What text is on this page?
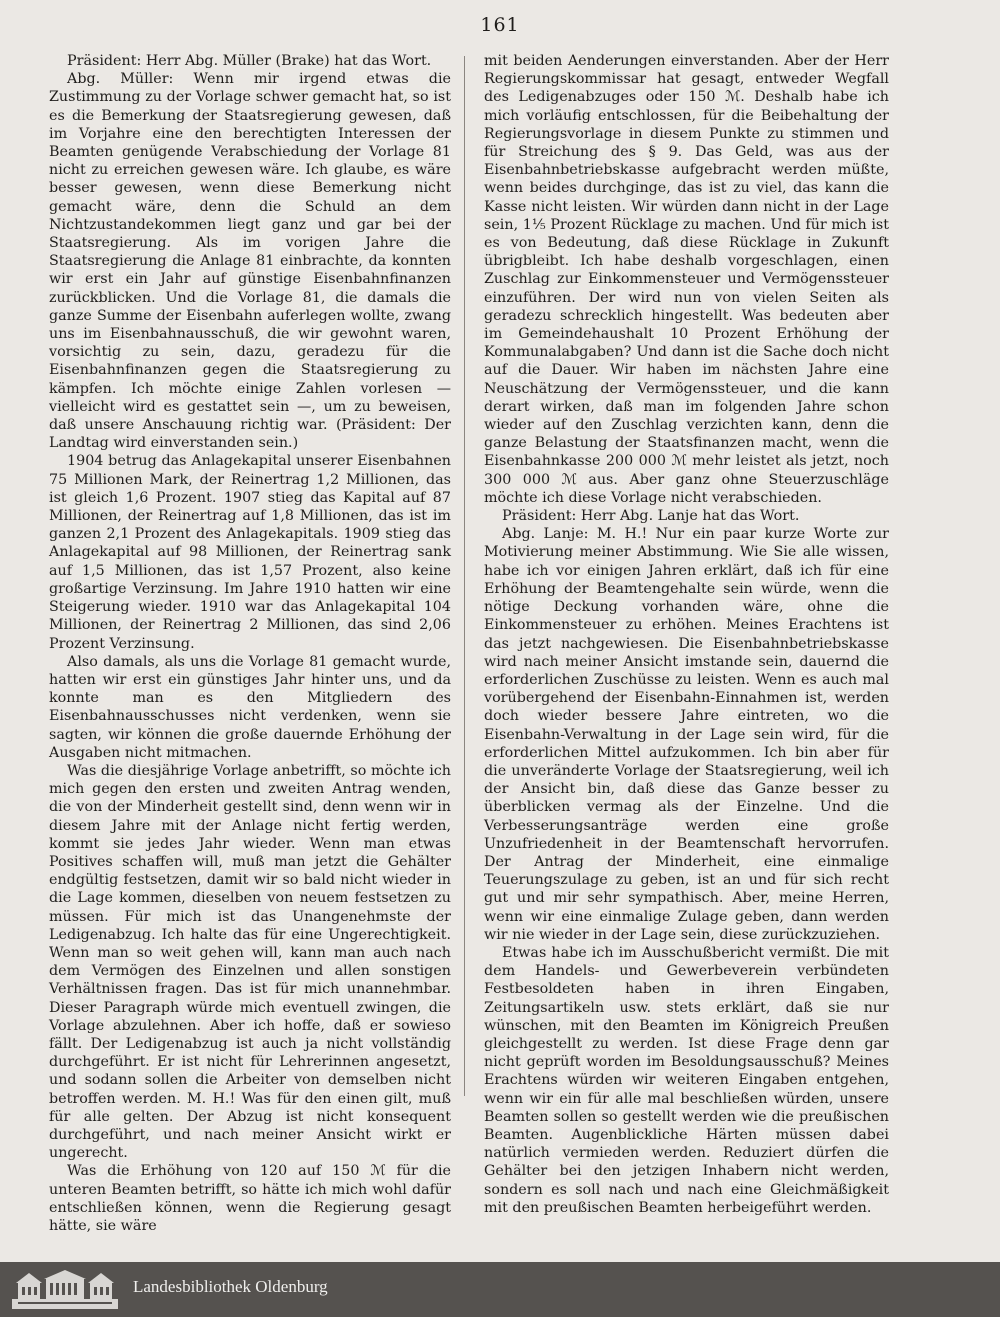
161

Präsident: Herr Abg. Müller (Brake) hat das Wort.

Abg. Müller: Wenn mir irgend etwas die Zustimmung zu der Vorlage schwer gemacht hat, so ist es die Bemerkung der Staatsregierung gewesen, daß im Vorjahre eine den berechtigten Interessen der Beamten genügende Verabschiedung der Vorlage 81 nicht zu erreichen gewesen wäre. Ich glaube, es wäre besser gewesen, wenn diese Bemerkung nicht gemacht wäre, denn die Schuld an dem Nichtzustandekommen liegt ganz und gar bei der Staatsregierung. Als im vorigen Jahre die Staatsregierung die Anlage 81 einbrachte, da konnten wir erst ein Jahr auf günstige Eisenbahnfinanzen zurückblicken. Und die Vorlage 81, die damals die ganze Summe der Eisenbahn auferlegen wollte, zwang uns im Eisenbahnausschuß, die wir gewohnt waren, vorsichtig zu sein, dazu, geradezu für die Eisenbahnfinanzen gegen die Staatsregierung zu kämpfen. Ich möchte einige Zahlen vorlesen — vielleicht wird es gestattet sein —, um zu beweisen, daß unsere Anschauung richtig war. (Präsident: Der Landtag wird einverstanden sein.)

1904 betrug das Anlagekapital unserer Eisenbahnen 75 Millionen Mark, der Reinertrag 1,2 Millionen, das ist gleich 1,6 Prozent. 1907 stieg das Kapital auf 87 Millionen, der Reinertrag auf 1,8 Millionen, das ist im ganzen 2,1 Prozent des Anlagekapitals. 1909 stieg das Anlagekapital auf 98 Millionen, der Reinertrag sank auf 1,5 Millionen, das ist 1,57 Prozent, also keine großartige Verzinsung. Im Jahre 1910 hatten wir eine Steigerung wieder. 1910 war das Anlagekapital 104 Millionen, der Reinertrag 2 Millionen, das sind 2,06 Prozent Verzinsung.

Also damals, als uns die Vorlage 81 gemacht wurde, hatten wir erst ein günstiges Jahr hinter uns, und da konnte man es den Mitgliedern des Eisenbahnausschusses nicht verdenken, wenn sie sagten, wir können die große dauernde Erhöhung der Ausgaben nicht mitmachen.

Was die diesjährige Vorlage anbetrifft, so möchte ich mich gegen den ersten und zweiten Antrag wenden, die von der Minderheit gestellt sind, denn wenn wir in diesem Jahre mit der Anlage nicht fertig werden, kommt sie jedes Jahr wieder. Wenn man etwas Positives schaffen will, muß man jetzt die Gehälter endgültig festsetzen, damit wir so bald nicht wieder in die Lage kommen, dieselben von neuem festsetzen zu müssen. Für mich ist das Unangenehmste der Ledigenabzug. Ich halte das für eine Ungerechtigkeit. Wenn man so weit gehen will, kann man auch nach dem Vermögen des Einzelnen und allen sonstigen Verhältnissen fragen. Das ist für mich unannehmbar. Dieser Paragraph würde mich eventuell zwingen, die Vorlage abzulehnen. Aber ich hoffe, daß er sowieso fällt. Der Ledigenabzug ist auch ja nicht vollständig durchgeführt. Er ist nicht für Lehrerinnen angesetzt, und sodann sollen die Arbeiter von demselben nicht betroffen werden. M. H.! Was für den einen gilt, muß für alle gelten. Der Abzug ist nicht konsequent durchgeführt, und nach meiner Ansicht wirkt er ungerecht.

Was die Erhöhung von 120 auf 150 ℳ für die unteren Beamten betrifft, so hätte ich mich wohl dafür entschließen können, wenn die Regierung gesagt hätte, sie wäre

mit beiden Aenderungen einverstanden. Aber der Herr Regierungskommissar hat gesagt, entweder Wegfall des Ledigenabzuges oder 150 ℳ. Deshalb habe ich mich vorläufig entschlossen, für die Beibehaltung der Regierungsvorlage in diesem Punkte zu stimmen und für Streichung des § 9. Das Geld, was aus der Eisenbahnbetriebskasse aufgebracht werden müßte, wenn beides durchginge, das ist zu viel, das kann die Kasse nicht leisten. Wir würden dann nicht in der Lage sein, 1⅕ Prozent Rücklage zu machen. Und für mich ist es von Bedeutung, daß diese Rücklage in Zukunft übrigbleibt. Ich habe deshalb vorgeschlagen, einen Zuschlag zur Einkommensteuer und Vermögenssteuer einzuführen. Der wird nun von vielen Seiten als geradezu schrecklich hingestellt. Was bedeuten aber im Gemeindehaushalt 10 Prozent Erhöhung der Kommunalabgaben? Und dann ist die Sache doch nicht auf die Dauer. Wir haben im nächsten Jahre eine Neuschätzung der Vermögenssteuer, und die kann derart wirken, daß man im folgenden Jahre schon wieder auf den Zuschlag verzichten kann, denn die ganze Belastung der Staatsfinanzen macht, wenn die Eisenbahnkasse 200 000 ℳ mehr leistet als jetzt, noch 300 000 ℳ aus. Aber ganz ohne Steuerzuschläge möchte ich diese Vorlage nicht verabschieden.

Präsident: Herr Abg. Lanje hat das Wort.

Abg. Lanje: M. H.! Nur ein paar kurze Worte zur Motivierung meiner Abstimmung. Wie Sie alle wissen, habe ich vor einigen Jahren erklärt, daß ich für eine Erhöhung der Beamtengehalte sein würde, wenn die nötige Deckung vorhanden wäre, ohne die Einkommensteuer zu erhöhen. Meines Erachtens ist das jetzt nachgewiesen. Die Eisenbahnbetriebskasse wird nach meiner Ansicht imstande sein, dauernd die erforderlichen Zuschüsse zu leisten. Wenn es auch mal vorübergehend der Eisenbahn-Einnahmen ist, werden doch wieder bessere Jahre eintreten, wo die Eisenbahn-Verwaltung in der Lage sein wird, für die erforderlichen Mittel aufzukommen. Ich bin aber für die unveränderte Vorlage der Staatsregierung, weil ich der Ansicht bin, daß diese das Ganze besser zu überblicken vermag als der Einzelne. Und die Verbesserungsanträge werden eine große Unzufriedenheit in der Beamtenschaft hervorrufen. Der Antrag der Minderheit, eine einmalige Teuerungszulage zu geben, ist an und für sich recht gut und mir sehr sympathisch. Aber, meine Herren, wenn wir eine einmalige Zulage geben, dann werden wir nie wieder in der Lage sein, diese zurückzuziehen.

Etwas habe ich im Ausschußbericht vermißt. Die mit dem Handels- und Gewerbeverein verbündeten Festbesoldeten haben in ihren Eingaben, Zeitungsartikeln usw. stets erklärt, daß sie nur wünschen, mit den Beamten im Königreich Preußen gleichgestellt zu werden. Ist diese Frage denn gar nicht geprüft worden im Besoldungsausschuß? Meines Erachtens würden wir weiteren Eingaben entgehen, wenn wir ein für alle mal beschließen würden, unsere Beamten sollen so gestellt werden wie die preußischen Beamten. Augenblickliche Härten müssen dabei natürlich vermieden werden. Reduziert dürfen die Gehälter bei den jetzigen Inhabern nicht werden, sondern es soll nach und nach eine Gleichmäßigkeit mit den preußischen Beamten herbeigeführt werden.

Landesbibliothek Oldenburg
